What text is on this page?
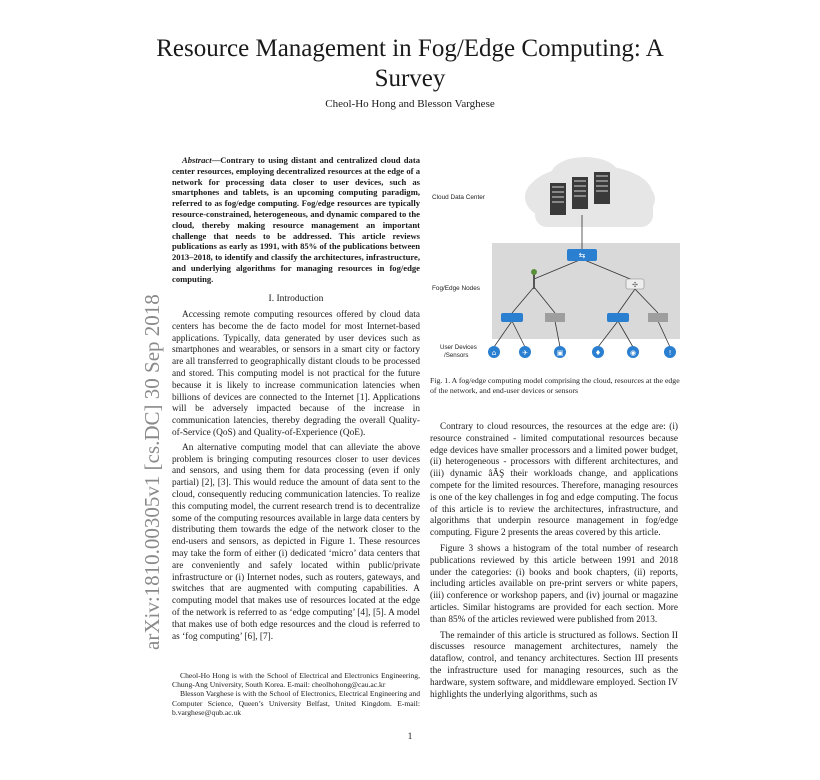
Resource Management in Fog/Edge Computing: A Survey
Cheol-Ho Hong and Blesson Varghese
arXiv:1810.00305v1 [cs.DC] 30 Sep 2018
Abstract—Contrary to using distant and centralized cloud data center resources, employing decentralized resources at the edge of a network for processing data closer to user devices, such as smartphones and tablets, is an upcoming computing paradigm, referred to as fog/edge computing. Fog/edge resources are typically resource-constrained, heterogeneous, and dynamic compared to the cloud, thereby making resource management an important challenge that needs to be addressed. This article reviews publications as early as 1991, with 85% of the publications between 2013–2018, to identify and classify the architectures, infrastructure, and underlying algorithms for managing resources in fog/edge computing.
I. Introduction

Accessing remote computing resources offered by cloud data centers has become the de facto model for most Internet-based applications. Typically, data generated by user devices such as smartphones and wearables, or sensors in a smart city or factory are all transferred to geographically distant clouds to be processed and stored. This computing model is not practical for the future because it is likely to increase communication latencies when billions of devices are connected to the Internet [1]. Applications will be adversely impacted because of the increase in communication latencies, thereby degrading the overall Quality-of-Service (QoS) and Quality-of-Experience (QoE).

An alternative computing model that can alleviate the above problem is bringing computing resources closer to user devices and sensors, and using them for data processing (even if only partial) [2], [3]. This would reduce the amount of data sent to the cloud, consequently reducing communication latencies. To realize this computing model, the current research trend is to decentralize some of the computing resources available in large data centers by distributing them towards the edge of the network closer to the end-users and sensors, as depicted in Figure 1. These resources may take the form of either (i) dedicated ‘micro’ data centers that are conveniently and safely located within public/private infrastructure or (i) Internet nodes, such as routers, gateways, and switches that are augmented with computing capabilities. A computing model that makes use of resources located at the edge of the network is referred to as ‘edge computing’ [4], [5]. A model that makes use of both edge resources and the cloud is referred to as ‘fog computing’ [6], [7].

Cheol-Ho Hong is with the School of Electrical and Electronics Engineering, Chung-Ang University, South Korea. E-mail: cheolhohong@cau.ac.kr

Blesson Varghese is with the School of Electronics, Electrical Engineering and Computer Science, Queen’s University Belfast, United Kingdom. E-mail: b.varghese@qub.ac.uk

⇆
✣
⌂	✈	▣	♦	◉	!
Cloud Data Center
Fog/Edge Nodes
User Devices /Sensors
Fig. 1. A fog/edge computing model comprising the cloud, resources at the edge of the network, and end-user devices or sensors

Contrary to cloud resources, the resources at the edge are: (i) resource constrained - limited computational resources because edge devices have smaller processors and a limited power budget, (ii) heterogeneous - processors with different architectures, and (iii) dynamic âĂŞ their workloads change, and applications compete for the limited resources. Therefore, managing resources is one of the key challenges in fog and edge computing. The focus of this article is to review the architectures, infrastructure, and algorithms that underpin resource management in fog/edge computing. Figure 2 presents the areas covered by this article.

Figure 3 shows a histogram of the total number of research publications reviewed by this article between 1991 and 2018 under the categories: (i) books and book chapters, (ii) reports, including articles available on pre-print servers or white papers, (iii) conference or workshop papers, and (iv) journal or magazine articles. Similar histograms are provided for each section. More than 85% of the articles reviewed were published from 2013.

The remainder of this article is structured as follows. Section II discusses resource management architectures, namely the dataflow, control, and tenancy architectures. Section III presents the infrastructure used for managing resources, such as the hardware, system software, and middleware employed. Section IV highlights the underlying algorithms, such as

1
